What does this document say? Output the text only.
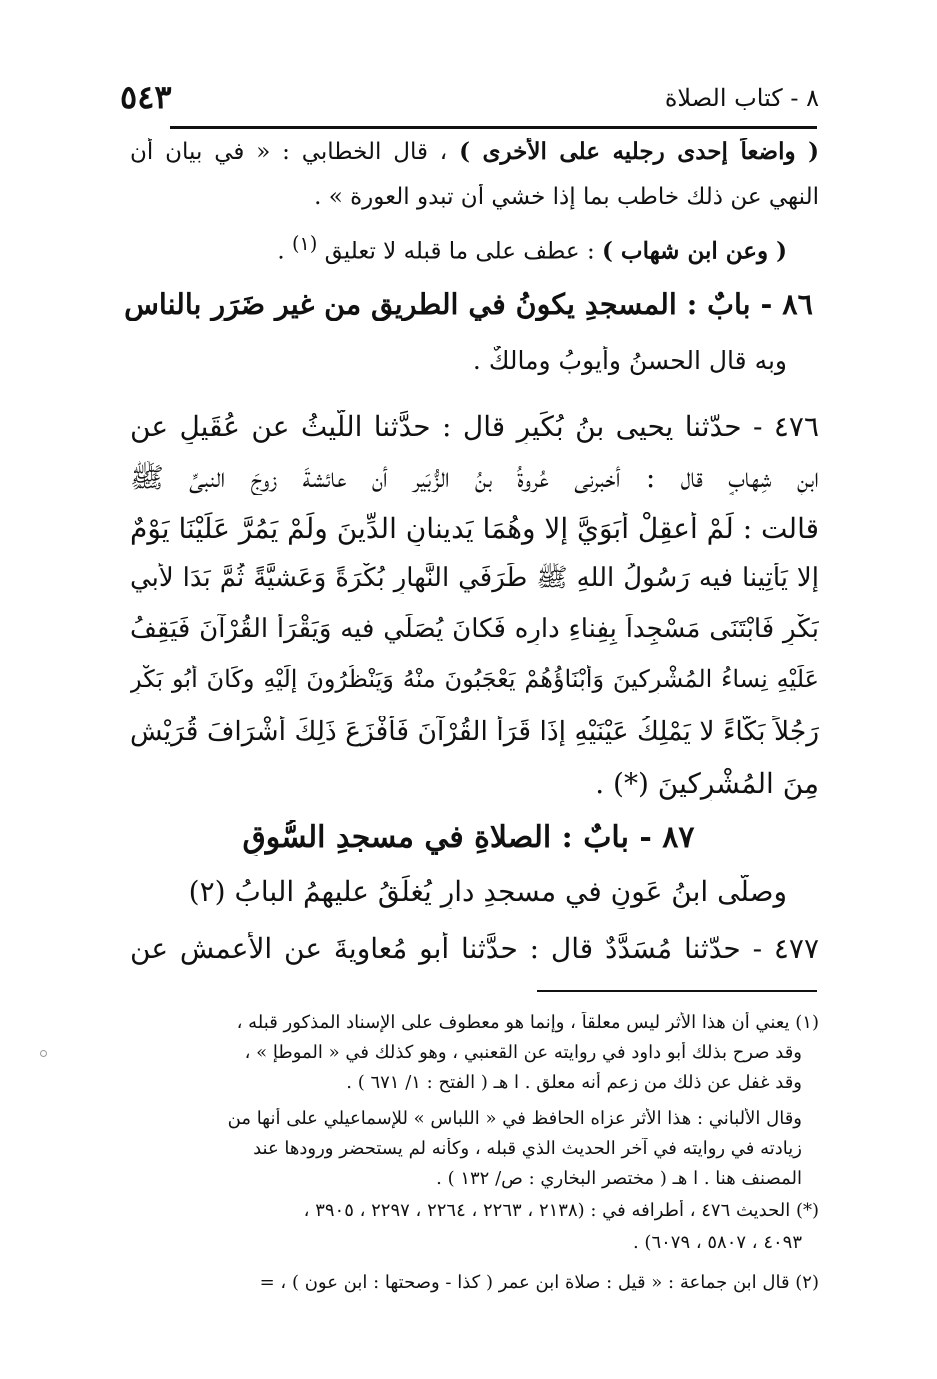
٨ - كتاب الصلاة
٥٤٣
( واضعاً إحدى رجليه على الأخرى ) ، قال الخطابي : « في بيان أن
النهي عن ذلك خاطب بما إذا خشي أن تبدو العورة » .
( وعن ابن شهاب ) : عطف على ما قبله لا تعليق $^{(١)}$ .
٨٦ - بابٌ : المسجدِ يكونُ في الطريقِ من غيرِ ضَرَرٍ بالناسِ
وبه قال الحسنُ وأيوبُ ومالكٌ .
٤٧٦ - حدّثنا يحيى بنُ بُكَيرٍ قال : حدَّثنا اللَّيثُ عن عُقَيلٍ عن
ابنِ شِهابٍ قال : أخبرني عُروةُ بنُ الزُّبَيرِ أن عائشةَ زوجَ النبيِّ ﷺ
قالت : لَمْ أَعقِلْ أَبَوَيَّ إلا وهُمَا يَدينانِ الدِّينَ ولَمْ يَمُرَّ عَلَيْنَا يَوْمٌ
إلا يَأْتِينا فيه رَسُولُ اللهِ ﷺ طَرَفَي النَّهارِ بُكْرَةً وَعَشيَّةً ثُمَّ بَدَا لأَبي
بَكْرٍ فَابْتَنَى مَسْجِداً بِفِناءِ دارِه فَكانَ يُصَلِّي فيه وَيَقْرَأُ القُرْآنَ فَيَقِفُ
عَلَيْهِ نِساءُ المُشْرِكينَ وَأَبْنَاؤُهُمْ يَعْجَبُونَ منْهُ وَيَنْظُرُونَ إلَيْهِ وكَانَ أَبُو بَكْرٍ
رَجُلاً بَكَّاءً لا يَمْلِكُ عَيْنَيْهِ إذَا قَرَأَ القُرْآنَ فَأَفْزَعَ ذَلِكَ أَشْرَافَ قُرَيْشٍ
مِنَ المُشْرِكينَ (*) .
٨٧ - بابٌ : الصلاةِ في مسجدِ السُّوقِ
وصلَّى ابنُ عَونٍ في مسجدِ دارٍ يُغلَقُ عليهمُ البابُ (٢)
٤٧٧ - حدّثنا مُسَدَّدٌ قال : حدَّثنا أبو مُعاويةَ عنِ الأعمشِ عن
(١) يعني أن هذا الأثر ليس معلقاً ، وإنما هو معطوف على الإسناد المذكور قبله ،
وقد صرح بذلك أبو داود في روايته عن القعنبي ، وهو كذلك في « الموطإ » ،
وقد غفل عن ذلك من زعم أنه معلق . ا هـ ( الفتح : ١/ ٦٧١ ) .
وقال الألباني : هذا الأثر عزاه الحافظ في « اللباس » للإسماعيلي على أنها من
زيادته في روايته في آخر الحديث الذي قبله ، وكأنه لم يستحضر ورودها عند
المصنف هنا . ا هـ ( مختصر البخاري : ص/ ١٣٢ ) .
(*) الحديث ٤٧٦ ، أطرافه في : (٢١٣٨ ، ٢٢٦٣ ، ٢٢٦٤ ، ٢٢٩٧ ، ٣٩٠٥ ،
٤٠٩٣ ، ٥٨٠٧ ، ٦٠٧٩) .
(٢) قال ابن جماعة : « قيل : صلاة ابن عمر ( كذا - وصحتها : ابن عون ) ، =
